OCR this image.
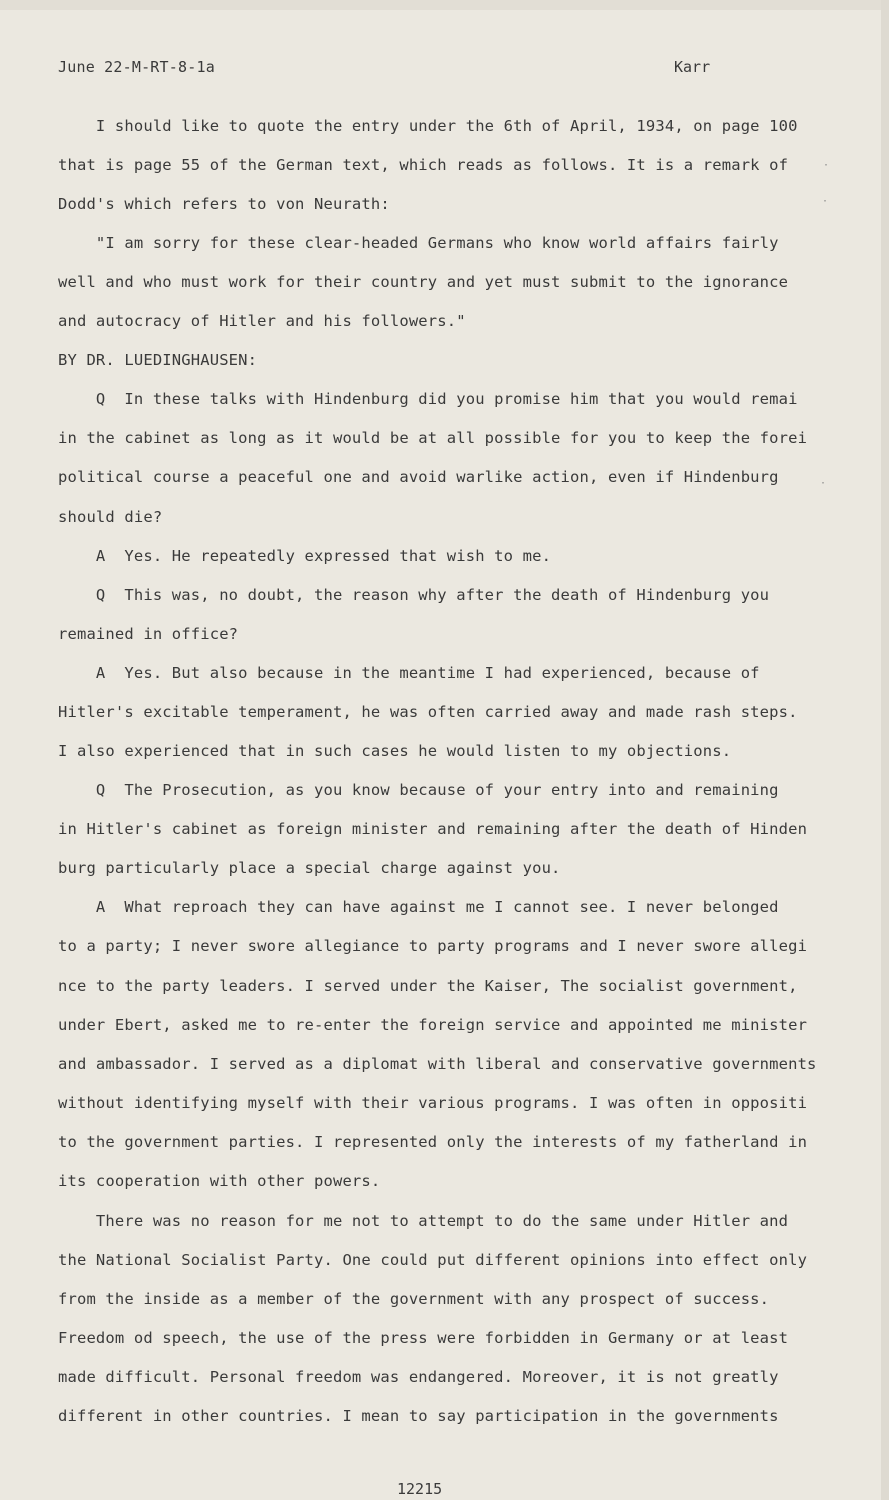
June 22-M-RT-8-1a	Karr
I should like to quote the entry under the 6th of April, 1934, on page 100
that is page 55 of the German text, which reads as follows. It is a remark of
Dodd's which refers to von Neurath:
"I am sorry for these clear-headed Germans who know world affairs fairly
well and who must work for their country and yet must submit to the ignorance
and autocracy of Hitler and his followers."
BY DR. LUEDINGHAUSEN:
Q  In these talks with Hindenburg did you promise him that you would remai
in the cabinet as long as it would be at all possible for you to keep the forei
political course a peaceful one and avoid warlike action, even if Hindenburg
should die?
A  Yes. He repeatedly expressed that wish to me.
Q  This was, no doubt, the reason why after the death of Hindenburg you
remained in office?
A  Yes. But also because in the meantime I had experienced, because of
Hitler's excitable temperament, he was often carried away and made rash steps.
I also experienced that in such cases he would listen to my objections.
Q  The Prosecution, as you know because of your entry into and remaining
in Hitler's cabinet as foreign minister and remaining after the death of Hinden
burg particularly place a special charge against you.
A  What reproach they can have against me I cannot see. I never belonged
to a party; I never swore allegiance to party programs and I never swore allegi
nce to the party leaders. I served under the Kaiser, The socialist government,
under Ebert, asked me to re-enter the foreign service and appointed me minister
and ambassador. I served as a diplomat with liberal and conservative governments
without identifying myself with their various programs. I was often in oppositi
to the government parties. I represented only the interests of my fatherland in
its cooperation with other powers.
There was no reason for me not to attempt to do the same under Hitler and
the National Socialist Party. One could put different opinions into effect only
from the inside as a member of the government with any prospect of success.
Freedom od speech, the use of the press were forbidden in Germany or at least
made difficult. Personal freedom was endangered. Moreover, it is not greatly
different in other countries. I mean to say participation in the governments
·
·
·
12215
